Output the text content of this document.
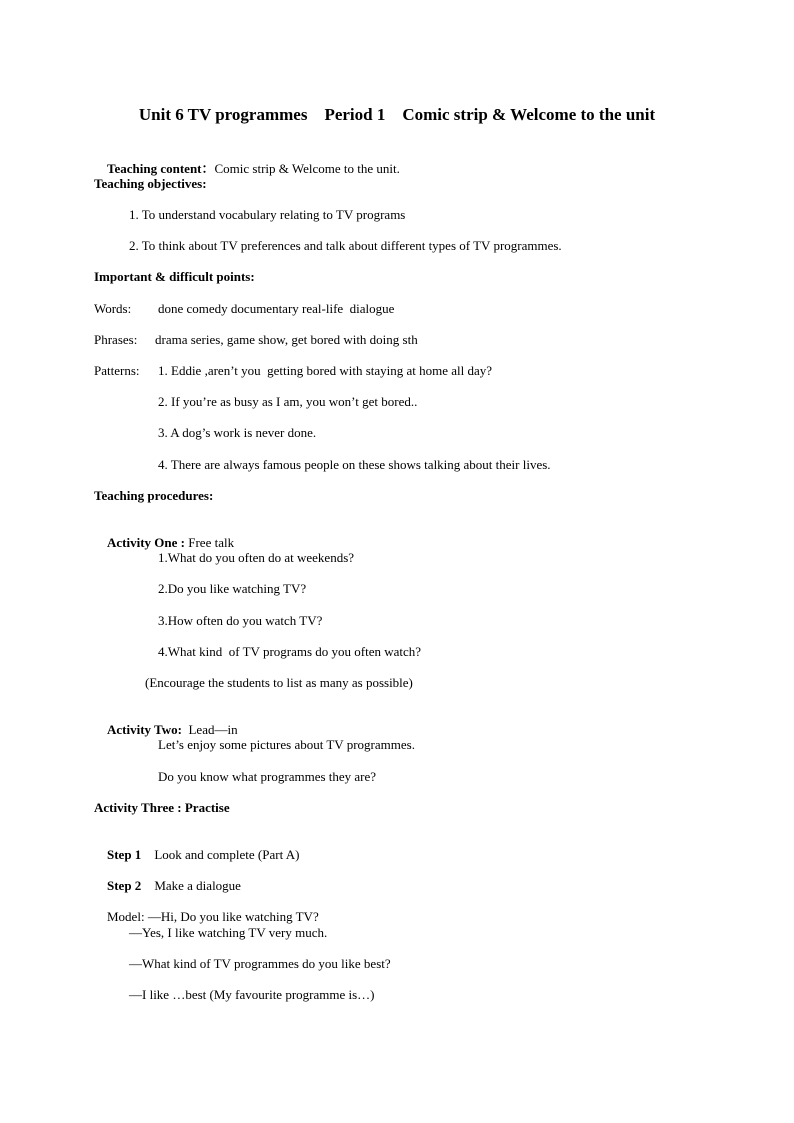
Unit 6 TV programmes    Period 1    Comic strip & Welcome to the unit

Teaching content：Comic strip & Welcome to the unit.

Teaching objectives:
1. To understand vocabulary relating to TV programs
2. To think about TV preferences and talk about different types of TV programmes.
Important & difficult points:
Words: done comedy documentary real-life  dialogue
Phrases: drama series, game show, get bored with doing sth
Patterns: 1. Eddie ,aren’t you  getting bored with staying at home all day?
2. If you’re as busy as I am, you won’t get bored..
3. A dog’s work is never done.
4. There are always famous people on these shows talking about their lives.
Teaching procedures:

Activity One : Free talk

1.What do you often do at weekends?
2.Do you like watching TV?
3.How often do you watch TV?
4.What kind  of TV programs do you often watch?
(Encourage the students to list as many as possible)

Activity Two: Lead—in

Let’s enjoy some pictures about TV programmes.
Do you know what programmes they are?
Activity Three : Practise

Step 1 Look and complete (Part A)

Step 2 Make a dialogue

Model: —Hi, Do you like watching TV?

—Yes, I like watching TV very much.
—What kind of TV programmes do you like best?
—I like …best (My favourite programme is…)
